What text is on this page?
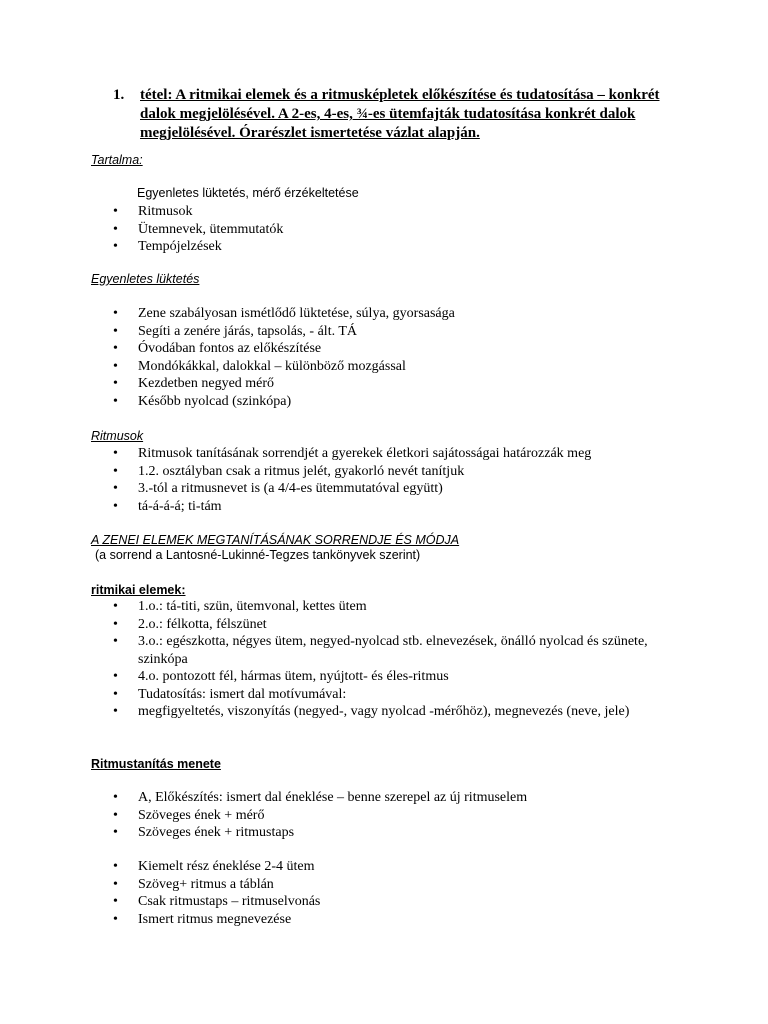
1. tétel: A ritmikai elemek és a ritmusképletek előkészítése és tudatosítása – konkrét dalok megjelölésével. A 2-es, 4-es, ¾-es ütemfajták tudatosítása konkrét dalok megjelölésével. Órarészlet ismertetése vázlat alapján.
Tartalma:
Egyenletes lüktetés, mérő érzékeltetése
• Ritmusok
• Ütemnevek, ütemmutatók
• Tempójelzések
Egyenletes lüktetés
• Zene szabályosan ismétlődő lüktetése, súlya, gyorsasága
• Segíti a zenére járás, tapsolás, - ált. TÁ
• Óvodában fontos az előkészítése
• Mondókákkal, dalokkal – különböző mozgással
• Kezdetben negyed mérő
• Később nyolcad (szinkópa)
Ritmusok
• Ritmusok tanításának sorrendjét a gyerekek életkori sajátosságai határozzák meg
• 1.2. osztályban csak a ritmus jelét, gyakorló nevét tanítjuk
• 3.-tól a ritmusnevet is (a 4/4-es ütemmutatóval együtt)
• tá-á-á-á; ti-tám
A ZENEI ELEMEK MEGTANÍTÁSÁNAK SORRENDJE ÉS MÓDJA
(a sorrend a Lantosné-Lukinné-Tegzes tankönyvek szerint)
ritmikai elemek:
• 1.o.: tá-titi, szün, ütemvonal, kettes ütem
• 2.o.: félkotta, félszünet
• 3.o.: egészkotta, négyes ütem, negyed-nyolcad stb. elnevezések, önálló nyolcad és szünete, szinkópa
• 4.o. pontozott fél, hármas ütem, nyújtott- és éles-ritmus
• Tudatosítás: ismert dal motívumával:
• megfigyeltetés, viszonyítás (negyed-, vagy nyolcad -mérőhöz), megnevezés (neve, jele)
Ritmustanítás menete
• A, Előkészítés: ismert dal éneklése – benne szerepel az új ritmuselem
• Szöveges ének + mérő
• Szöveges ének + ritmustaps
• Kiemelt rész éneklése 2-4 ütem
• Szöveg+ ritmus a táblán
• Csak ritmustaps – ritmuselvonás
• Ismert ritmus megnevezése
